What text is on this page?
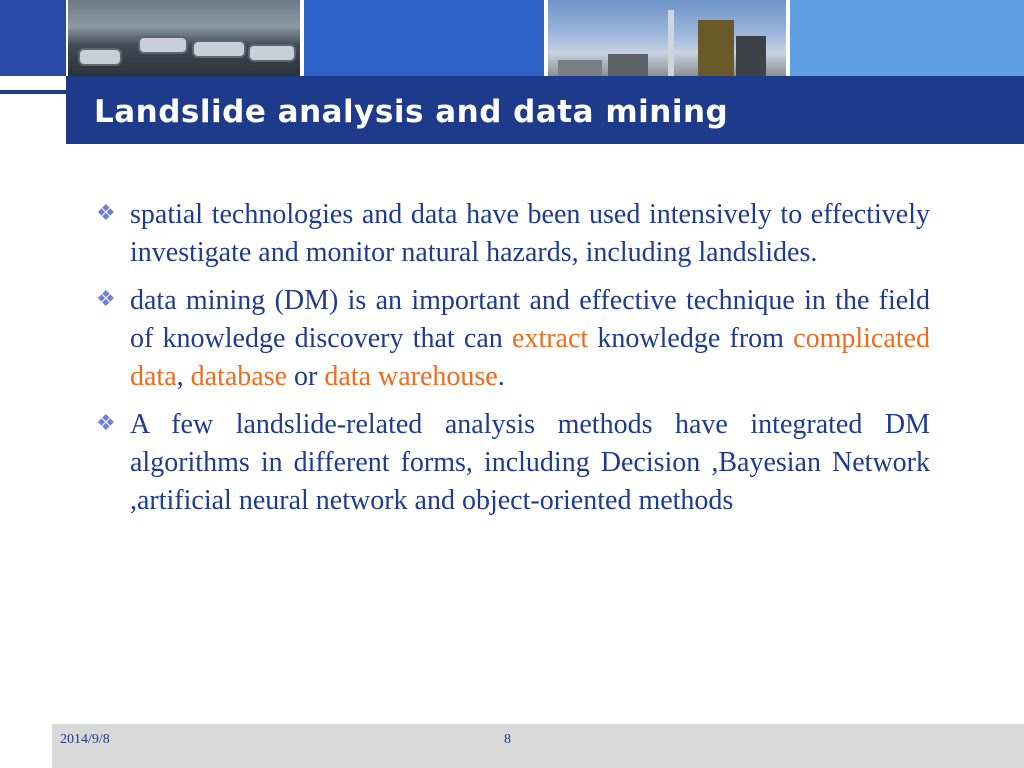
Landslide analysis and data mining

❖ spatial technologies and data have been used intensively to effectively investigate and monitor natural hazards, including landslides.

❖ data mining (DM) is an important and effective technique in the field of knowledge discovery that can extract knowledge from complicated data, database or data warehouse.

❖ A few landslide-related analysis methods have integrated DM algorithms in different forms, including Decision ,Bayesian Network ,artificial neural network and object-oriented methods

2014/9/8	8
